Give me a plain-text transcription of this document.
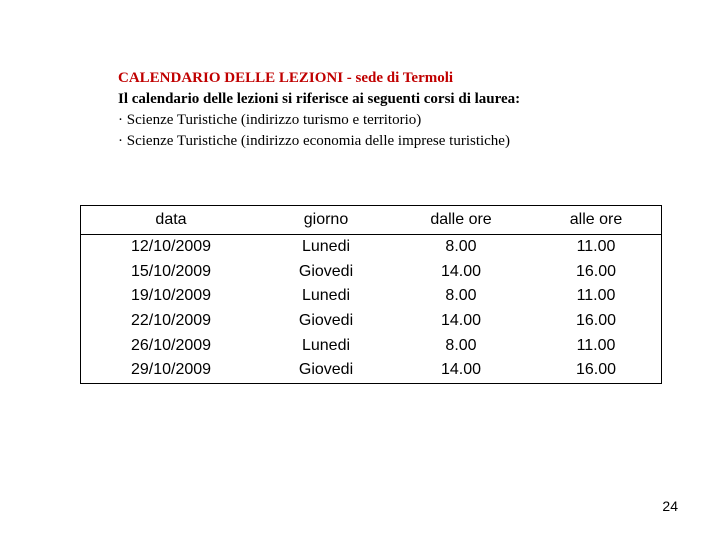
CALENDARIO DELLE LEZIONI - sede di Termoli
Il calendario delle lezioni si riferisce ai seguenti corsi di laurea:
· Scienze Turistiche (indirizzo turismo e territorio)
· Scienze Turistiche (indirizzo economia delle imprese turistiche)
data	giorno	dalle ore	alle ore
12/10/2009	Lunedi	8.00	11.00
15/10/2009	Giovedi	14.00	16.00
19/10/2009	Lunedi	8.00	11.00
22/10/2009	Giovedi	14.00	16.00
26/10/2009	Lunedi	8.00	11.00
29/10/2009	Giovedi	14.00	16.00
24
